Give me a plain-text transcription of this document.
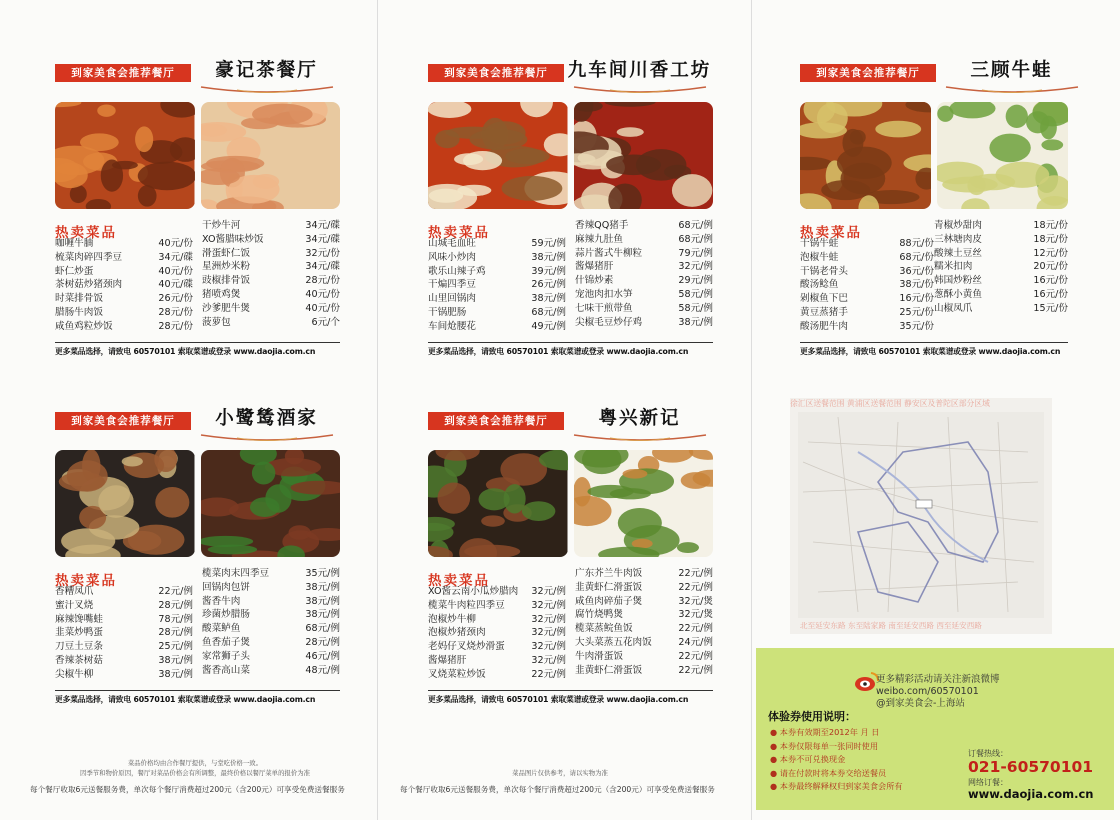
到家美食会推荐餐厅	豪记茶餐厅
热卖菜品
咖喱牛腩	40元/份
梳菜肉碎四季豆	34元/碟
虾仁炒蛋	40元/份
茶树菇炒猪颈肉	40元/碟
时菜排骨饭	26元/份
腊肠牛肉饭	28元/份
咸鱼鸡粒炒饭	28元/份
干炒牛河	34元/碟
XO酱腊味炒饭	34元/碟
滑蛋虾仁饭	32元/份
星洲炒米粉	34元/碟
豉椒排骨饭	28元/份
猪喷鸡煲	40元/份
沙爹肥牛煲	40元/份
菠萝包	6元/个
更多菜品选择，请致电 60570101 索取菜谱或登录 www.daojia.com.cn
到家美食会推荐餐厅	九车间川香工坊
热卖菜品
山城毛血旺	59元/例
风味小炒肉	38元/例
歌乐山辣子鸡	39元/例
干煸四季豆	26元/例
山里回锅肉	38元/例
干锅肥肠	68元/例
车间炝腰花	49元/例
香辣QQ猪手	68元/例
麻辣九肚鱼	68元/例
蒜片酱式牛柳粒	79元/例
酱爆猪肝	32元/例
什锦炒素	29元/例
宠池肉扣水笋	58元/例
七味干煎带鱼	58元/例
尖椒毛豆炒仔鸡	38元/例
更多菜品选择，请致电 60570101 索取菜谱或登录 www.daojia.com.cn
到家美食会推荐餐厅	三顾牛蛙
热卖菜品
干锅牛蛙	88元/份
泡椒牛蛙	68元/份
干锅老骨头	36元/份
酸汤鲶鱼	38元/份
剁椒鱼下巴	16元/份
黄豆蒸猪手	25元/份
酸汤肥牛肉	35元/份
青椒炒甜肉	18元/份
三林塘肉皮	18元/份
酸辣土豆丝	12元/份
糯米扣肉	20元/份
韩国炒粉丝	16元/份
葱酥小黄鱼	16元/份
山椒凤爪	15元/份
更多菜品选择，请致电 60570101 索取菜谱或登录 www.daojia.com.cn
到家美食会推荐餐厅	小鹭鸶酒家
热卖菜品
香糟凤爪	22元/例
蜜汁叉烧	28元/例
麻辣馋嘴蛙	78元/例
韭菜炒鸭蛋	28元/例
刀豆土豆条	25元/例
香辣茶树菇	38元/例
尖椒牛柳	38元/例
榄菜肉末四季豆	35元/例
回锅肉包饼	38元/例
酱香牛肉	38元/例
珍菌炒腊肠	38元/例
酸菜鲈鱼	68元/例
鱼香茄子煲	28元/例
家常狮子头	46元/例
酱香高山菜	48元/例
更多菜品选择，请致电 60570101 索取菜谱或登录 www.daojia.com.cn
到家美食会推荐餐厅	粤兴新记
热卖菜品
XO酱云南小瓜炒腊肉 32元/例
榄菜牛肉粒四季豆	32元/例
泡椒炒牛柳	32元/例
泡椒炒猪颈肉	32元/例
老妈仔叉烧炒滑蛋	32元/例
酱爆猪肝	32元/例
叉烧菜粒炒饭	22元/例
广东芥兰牛肉饭	22元/例
韭黄虾仁滑蛋饭	22元/例
咸鱼肉碎茄子煲	32元/煲
腐竹烧鸭煲	32元/煲
榄菜蒸鲩鱼饭	22元/例
大头菜蒸五花肉饭	24元/例
牛肉滑蛋饭	22元/例
韭黄虾仁滑蛋饭	22元/例
更多菜品选择，请致电 60570101 索取菜谱或登录 www.daojia.com.cn
菜品价格均由合作餐厅提供，与堂吃价格一致。
因季节和物价原因，餐厅对菜品价格会有所调整，最终价格以餐厅菜单的报价为准	菜品图片仅供参考，请以实物为准
每个餐厅收取6元送餐服务费，单次每个餐厅消费超过200元（含200元）可享受免费送餐服务	每个餐厅收取6元送餐服务费，单次每个餐厅消费超过200元（含200元）可享受免费送餐服务
徐汇区送餐范围 黄浦区送餐范围 静安区及普陀区部分区域
北至延安东路 东至陆家路 南至延安西路 西至延安西路
更多精彩活动请关注新浪微博
weibo.com/60570101
@到家美食会-上海站
体验券使用说明：
● 本券有效期至2012年 月 日
● 本券仅限每单一张同时使用
● 本券不可兑换现金
● 请在付款时将本券交给送餐员
● 本券最终解释权归到家美食会所有
订餐热线：
021-60570101
网络订餐：
www.daojia.com.cn
